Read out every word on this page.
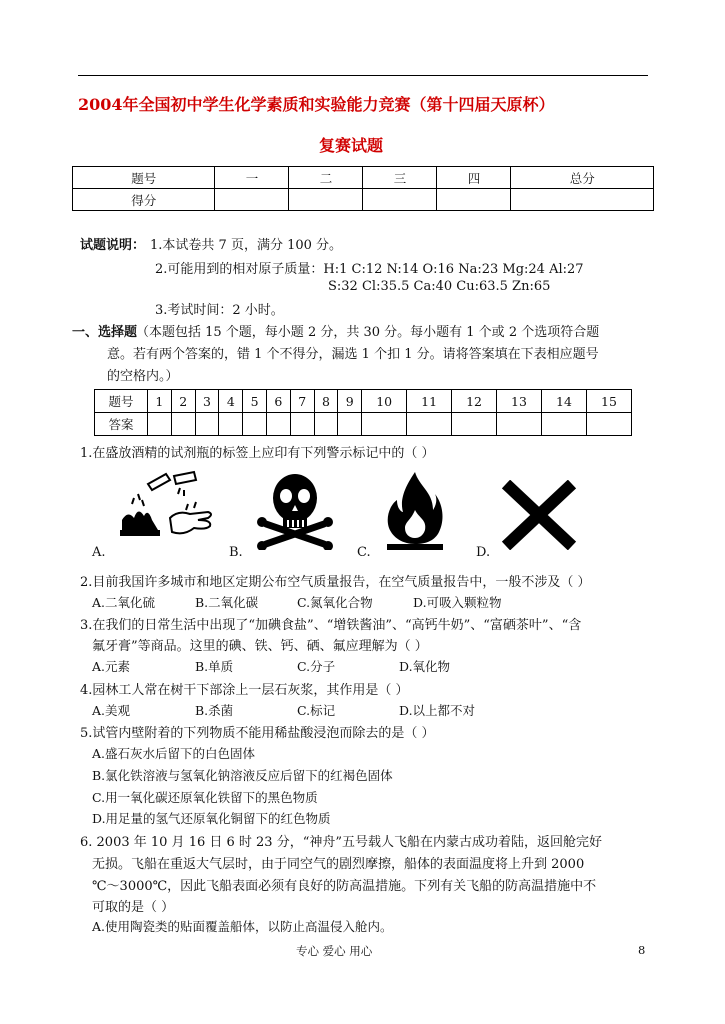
2004年全国初中学生化学素质和实验能力竞赛（第十四届天原杯）
复赛试题
题号	一	二	三	四	总分
得分					
试题说明： 1.本试卷共 7 页，满分 100 分。
2.可能用到的相对原子质量：H:1 C:12 N:14 O:16 Na:23 Mg:24 Al:27
S:32 Cl:35.5 Ca:40 Cu:63.5 Zn:65
3.考试时间：2 小时。
一、选择题
（本题包括 15 个题，每小题 2 分，共 30 分。每小题有 1 个或 2 个选项符合题
意。若有两个答案的，错 1 个不得分，漏选 1 个扣 1 分。请将答案填在下表相应题号
的空格内。）
题号	1	2	3	4	5	6	7	8	9	10	11	12	13	14	15
答案															
1.在盛放酒精的试剂瓶的标签上应印有下列警示标记中的（ ）
A.	B.	C.	D.
2.目前我国许多城市和地区定期公布空气质量报告，在空气质量报告中，一般不涉及（ ）
A.二氧化硫	B.二氧化碳	C.氮氧化合物	D.可吸入颗粒物
3.在我们的日常生活中出现了“加碘食盐”、“增铁酱油”、“高钙牛奶”、“富硒茶叶”、“含
氟牙膏”等商品。这里的碘、铁、钙、硒、氟应理解为（ ）
A.元素	B.单质	C.分子	D.氧化物
4.园林工人常在树干下部涂上一层石灰浆，其作用是（ ）
A.美观	B.杀菌	C.标记	D.以上都不对
5.试管内壁附着的下列物质不能用稀盐酸浸泡而除去的是（ ）
A.盛石灰水后留下的白色固体
B.氯化铁溶液与氢氧化钠溶液反应后留下的红褐色固体
C.用一氧化碳还原氧化铁留下的黑色物质
D.用足量的氢气还原氧化铜留下的红色物质
6. 2003 年 10 月 16 日 6 时 23 分，“神舟”五号载人飞船在内蒙古成功着陆，返回舱完好
无损。飞船在重返大气层时，由于同空气的剧烈摩擦，船体的表面温度将上升到 2000
℃～3000℃，因此飞船表面必须有良好的防高温措施。下列有关飞船的防高温措施中不
可取的是（ ）
A.使用陶瓷类的贴面覆盖船体，以防止高温侵入舱内。
专心 爱心 用心	8
